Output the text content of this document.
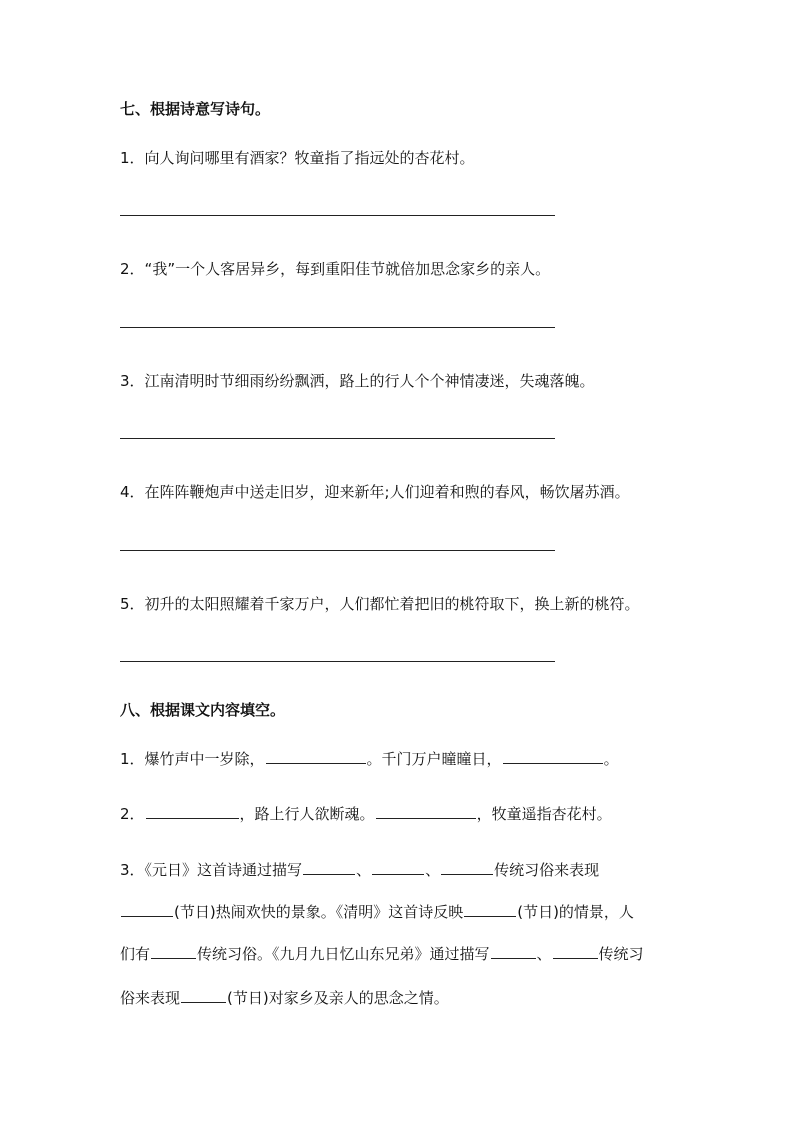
七、根据诗意写诗句。
1．向人询问哪里有酒家？牧童指了指远处的杏花村。
2．“我”一个人客居异乡，每到重阳佳节就倍加思念家乡的亲人。
3．江南清明时节细雨纷纷飘洒，路上的行人个个神情凄迷，失魂落魄。
4．在阵阵鞭炮声中送走旧岁，迎来新年;人们迎着和煦的春风，畅饮屠苏酒。
5．初升的太阳照耀着千家万户，人们都忙着把旧的桃符取下，换上新的桃符。
八、根据课文内容填空。
1．爆竹声中一岁除，	。千门万户曈曈日，	。
2．	，路上行人欲断魂。	，牧童遥指杏花村。
3．《元日》这首诗通过描写	、	、	传统习俗来表现
(节日)热闹欢快的景象。《清明》这首诗反映	(节日)的情景，人
们有	传统习俗。《九月九日忆山东兄弟》通过描写	、	传统习
俗来表现	(节日)对家乡及亲人的思念之情。
